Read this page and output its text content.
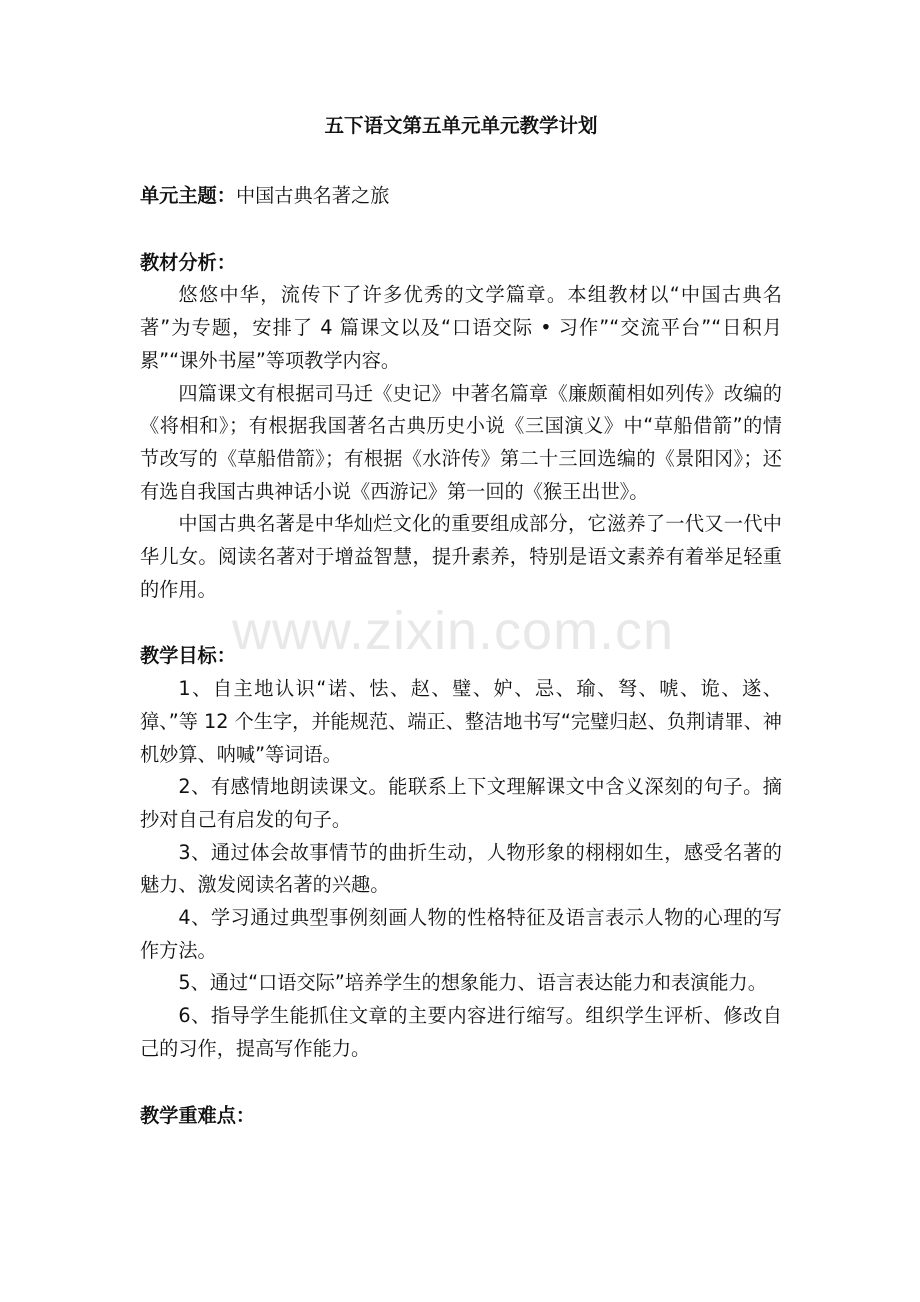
五下语文第五单元单元教学计划
单元主题：中国古典名著之旅
教材分析：

悠悠中华，流传下了许多优秀的文学篇章。本组教材以“中国古典名著”为专题，安排了 4 篇课文以及“口语交际 • 习作”“交流平台”“日积月累”“课外书屋”等项教学内容。

四篇课文有根据司马迁《史记》中著名篇章《廉颇蔺相如列传》改编的《将相和》；有根据我国著名古典历史小说《三国演义》中“草船借箭”的情节改写的《草船借箭》；有根据《水浒传》第二十三回选编的《景阳冈》；还有选自我国古典神话小说《西游记》第一回的《猴王出世》。

中国古典名著是中华灿烂文化的重要组成部分，它滋养了一代又一代中华儿女。阅读名著对于增益智慧，提升素养，特别是语文素养有着举足轻重的作用。

教学目标：

1、自主地认识“诺、怯、赵、璧、妒、忌、瑜、弩、唬、诡、遂、獐、”等 12 个生字，并能规范、端正、整洁地书写“完璧归赵、负荆请罪、神机妙算、呐喊”等词语。

2、有感情地朗读课文。能联系上下文理解课文中含义深刻的句子。摘抄对自己有启发的句子。

3、通过体会故事情节的曲折生动，人物形象的栩栩如生，感受名著的魅力、激发阅读名著的兴趣。

4、学习通过典型事例刻画人物的性格特征及语言表示人物的心理的写作方法。

5、通过“口语交际”培养学生的想象能力、语言表达能力和表演能力。

6、指导学生能抓住文章的主要内容进行缩写。组织学生评析、修改自己的习作，提高写作能力。

教学重难点：
www.zixin.com.cn
